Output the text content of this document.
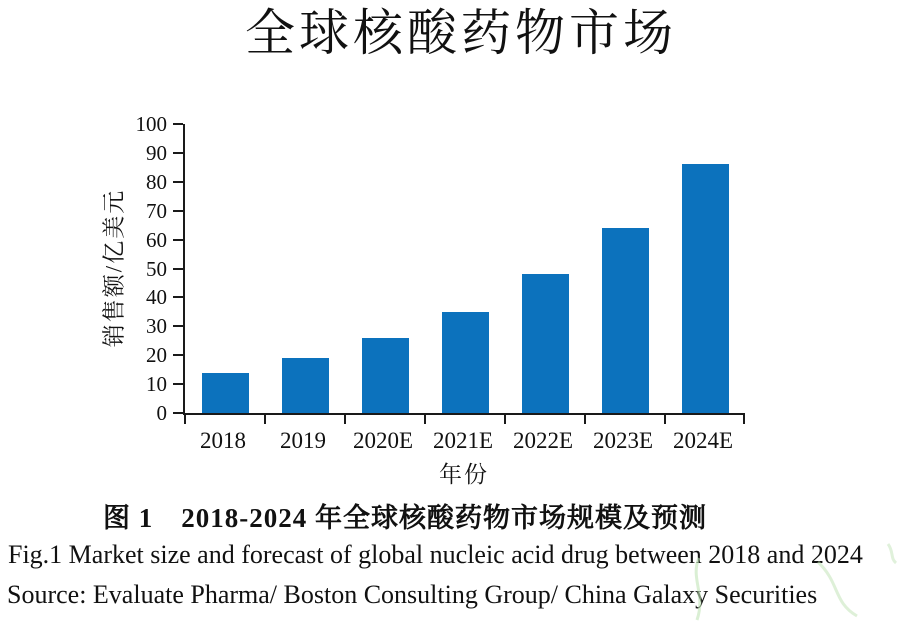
全球核酸药物市场
销售额/亿美元
0
10
20
30
40
50
60
70
80
90
100
2018	2019	2020E 2021E 2022E 2023E 2024E
年份
图 1　2018-2024 年全球核酸药物市场规模及预测
Fig.1 Market size and forecast of global nucleic acid drug between 2018 and 2024
Source: Evaluate Pharma/ Boston Consulting Group/ China Galaxy Securities
